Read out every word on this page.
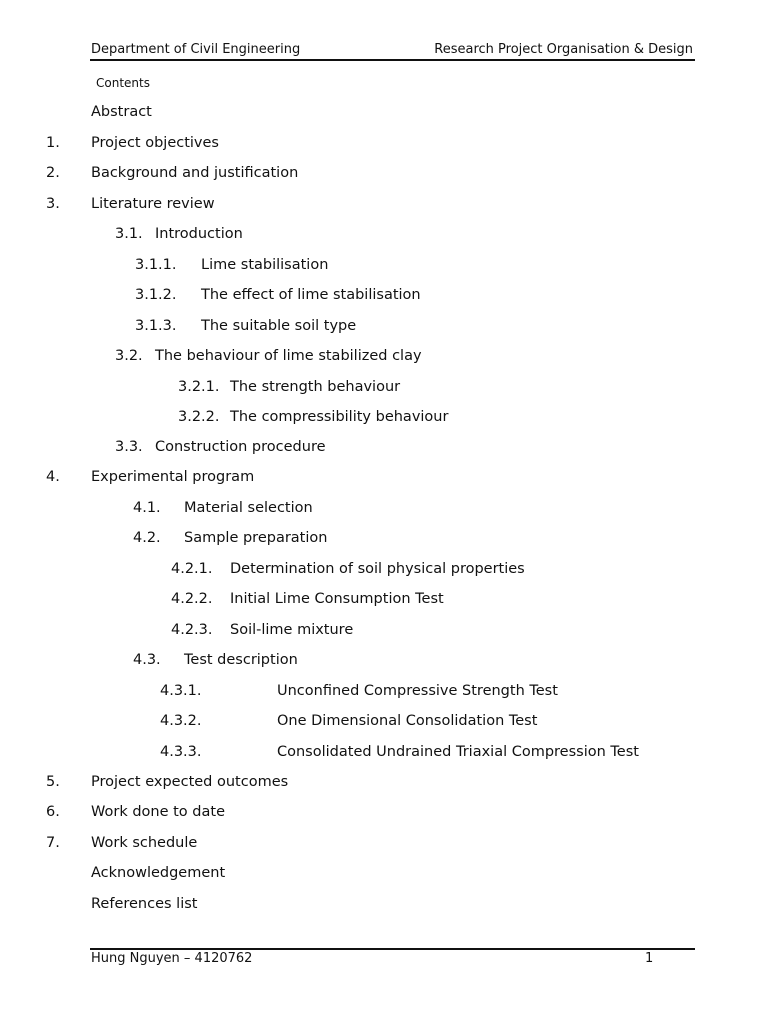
Department of Civil Engineering	Research Project Organisation & Design
Contents
Abstract
1. Project objectives
2. Background and justification
3. Literature review
3.1. Introduction
3.1.1. Lime stabilisation
3.1.2. The effect of lime stabilisation
3.1.3. The suitable soil type
3.2. The behaviour of lime stabilized clay
3.2.1. The strength behaviour
3.2.2. The compressibility behaviour
3.3. Construction procedure
4. Experimental program
4.1. Material selection
4.2. Sample preparation
4.2.1. Determination of soil physical properties
4.2.2. Initial Lime Consumption Test
4.2.3. Soil-lime mixture
4.3. Test description
4.3.1.	Unconfined Compressive Strength Test
4.3.2.	One Dimensional Consolidation Test
4.3.3.	Consolidated Undrained Triaxial Compression Test
5. Project expected outcomes
6. Work done to date
7. Work schedule
Acknowledgement
References list
Hung Nguyen – 4120762	1
